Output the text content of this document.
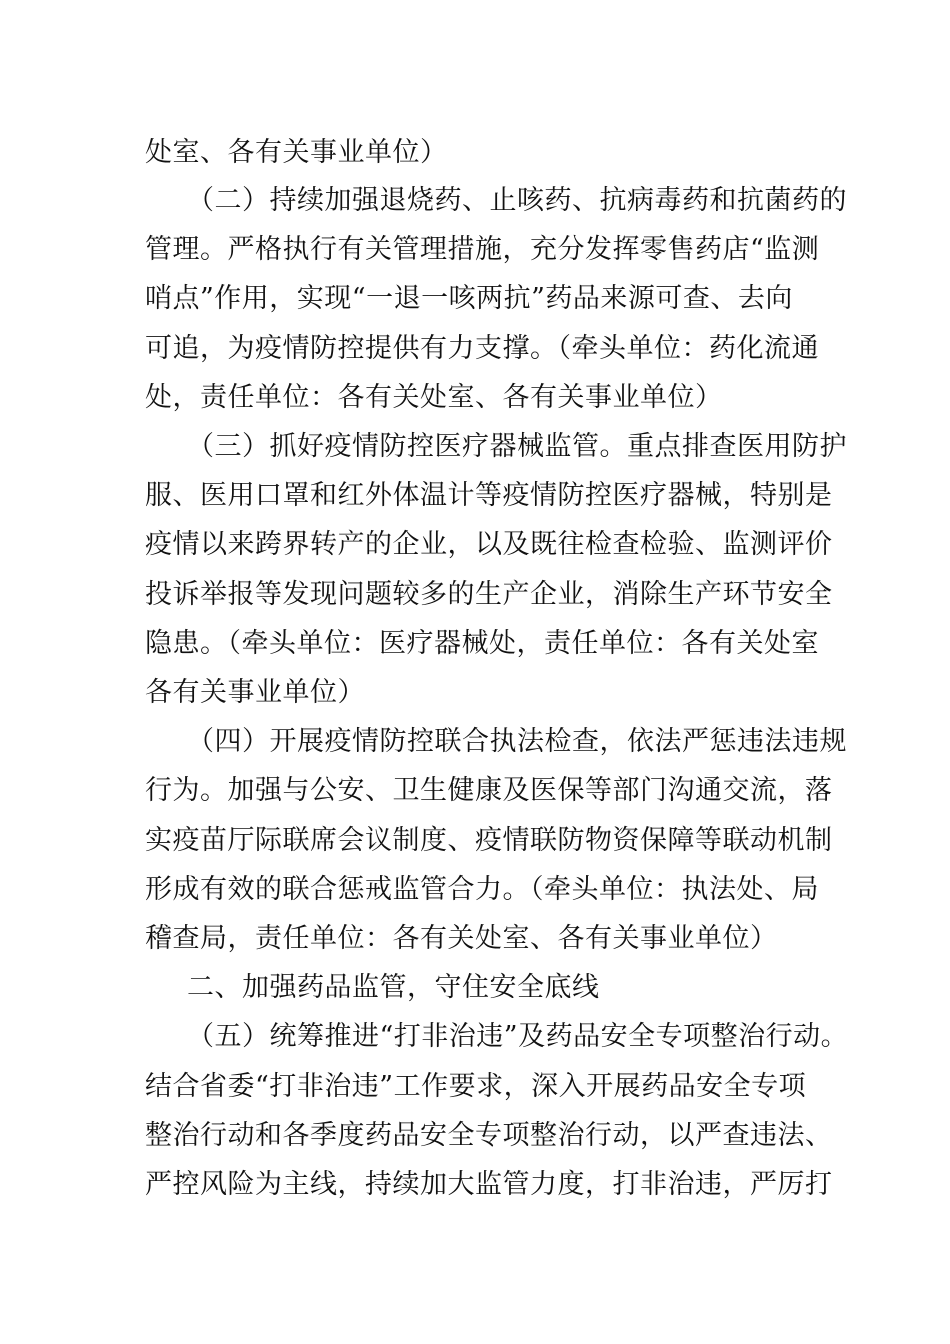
处室、各有关事业单位）
（二）持续加强退烧药、止咳药、抗病毒药和抗菌药的
管理。严格执行有关管理措施，充分发挥零售药店“监测
哨点”作用，实现“一退一咳两抗”药品来源可查、去向
可追，为疫情防控提供有力支撑。（牵头单位：药化流通
处，责任单位：各有关处室、各有关事业单位）
（三）抓好疫情防控医疗器械监管。重点排查医用防护
服、医用口罩和红外体温计等疫情防控医疗器械，特别是
疫情以来跨界转产的企业，以及既往检查检验、监测评价
投诉举报等发现问题较多的生产企业，消除生产环节安全
隐患。（牵头单位：医疗器械处，责任单位：各有关处室
各有关事业单位）
（四）开展疫情防控联合执法检查，依法严惩违法违规
行为。加强与公安、卫生健康及医保等部门沟通交流，落
实疫苗厅际联席会议制度、疫情联防物资保障等联动机制
形成有效的联合惩戒监管合力。（牵头单位：执法处、局
稽查局，责任单位：各有关处室、各有关事业单位）
二、加强药品监管，守住安全底线
（五）统筹推进“打非治违”及药品安全专项整治行动。
结合省委“打非治违”工作要求，深入开展药品安全专项
整治行动和各季度药品安全专项整治行动，以严查违法、
严控风险为主线，持续加大监管力度，打非治违，严厉打
